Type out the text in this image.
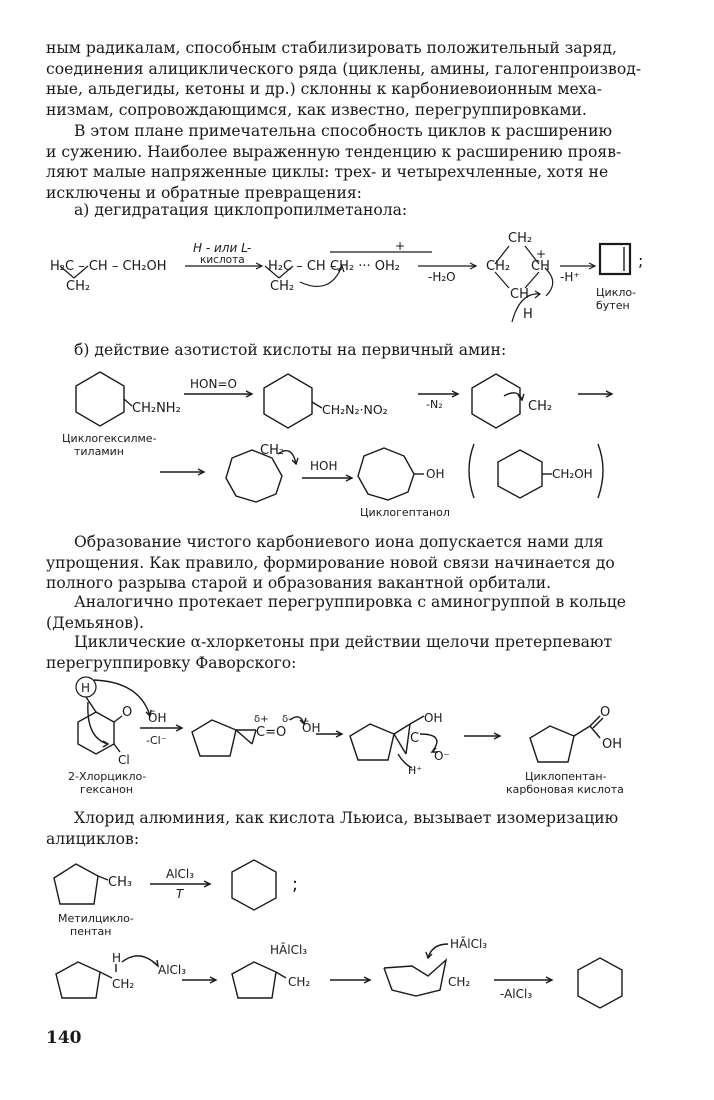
ным радикалам, способным стабилизировать положительный заряд,
соединения алициклического ряда (циклены, амины, галогенпроизвод-
ные, альдегиды, кетоны и др.) склонны к карбониевоионным меха-
низмам, сопровождающимся, как известно, перегруппировками.
В этом плане примечательна способность циклов к расширению
и сужению. Наиболее выраженную тенденцию к расширению прояв-
ляют малые напряженные циклы: трех- и четырехчленные, хотя не
исключены и обратные превращения:
а) дегидратация циклопропилметанола:
H₂C – CH – CH₂OH
CH₂
H - или L-
кислота H₂C – CH –
CH₂ ··· OH₂
+
CH₂
-H₂O
CH₂
CH₂ CH
+
CH
H
-H⁺
;
Цикло-
бутен
б) действие азотистой кислоты на первичный амин:
CH₂NH₂
Циклогексилме-
тиламин
HON=O
CH₂N₂·NO₂	-N₂	CH₂
CH₂
HOH
OH	CH₂OH
Циклогептанол
Образование чистого карбониевого иона допускается нами для
упрощения. Как правило, формирование новой связи начинается до
полного разрыва старой и образования вакантной орбитали.
Аналогично протекает перегруппировка с аминогруппой в кольце
(Демьянов).
Циклические α-хлоркетоны при действии щелочи претерпевают
перегруппировку Фаворского:
H
O
Cl
ŌH
-Cl⁻
δ+ δ-
C=O ŌH
OH
C
O⁻
H⁺
O
OH
2-Хлорцикло-
гексанон
Циклопентан-
карбоновая кислота
Хлорид алюминия, как кислота Льюиса, вызывает изомеризацию
алициклов:
CH₃
AlCl₃
T	;
Метилцикло-
пентан
H
CH₂
AlCl₃
HĀlCl₃
CH₂	CH₂
HĀlCl₃
-AlCl₃
140
